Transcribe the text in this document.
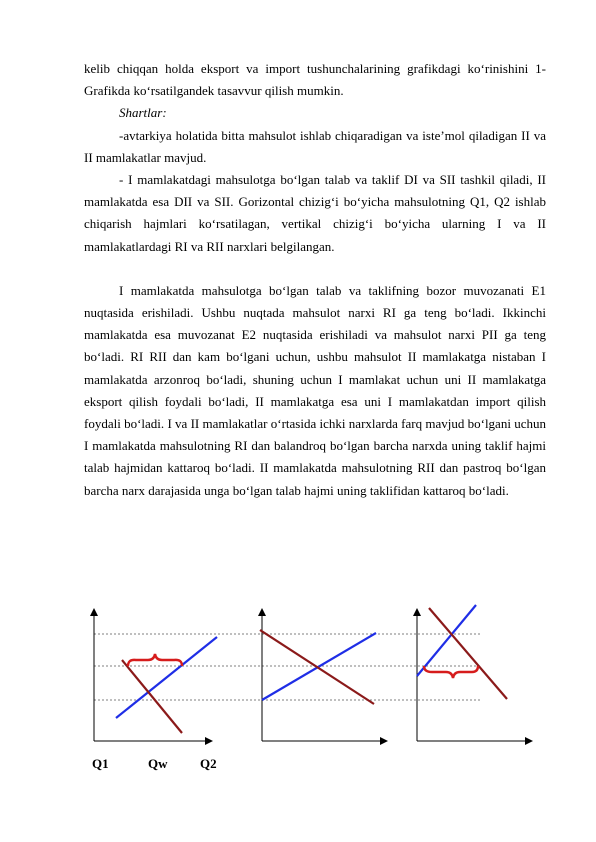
kelib chiqqan holda eksport va import tushunchalarining grafikdagi ko‘rinishini 1-Grafikda ko‘rsatilgandek tasavvur qilish mumkin.

Shartlar:

-avtarkiya holatida bitta mahsulot ishlab chiqaradigan va iste’mol qiladigan II va II mamlakatlar mavjud.

- I mamlakatdagi mahsulotga bo‘lgan talab va taklif DI va SII tashkil qiladi, II mamlakatda esa DII va SII. Gorizontal chizig‘i bo‘yicha mahsulotning Q1, Q2 ishlab chiqarish hajmlari ko‘rsatilagan, vertikal chizig‘i bo‘yicha ularning I va II mamlakatlardagi RI va RII narxlari belgilangan.

I mamlakatda mahsulotga bo‘lgan talab va taklifning bozor muvozanati E1 nuqtasida erishiladi. Ushbu nuqtada mahsulot narxi RI ga teng bo‘ladi. Ikkinchi mamlakatda esa muvozanat E2 nuqtasida erishiladi va mahsulot narxi PII ga teng bo‘ladi. RI RII dan kam bo‘lgani uchun, ushbu mahsulot II mamlakatga nistaban I mamlakatda arzonroq bo‘ladi, shuning uchun I mamlakat uchun uni II mamlakatga eksport qilish foydali bo‘ladi, II mamlakatga esa uni I mamlakatdan import qilish foydali bo‘ladi. I va II mamlakatlar o‘rtasida ichki narxlarda farq mavjud bo‘lgani uchun I mamlakatda mahsulotning RI dan balandroq bo‘lgan barcha narxda uning taklif hajmi talab hajmidan kattaroq bo‘ladi. II mamlakatda mahsulotning RII dan pastroq bo‘lgan barcha narx darajasida unga bo‘lgan talab hajmi uning taklifidan kattaroq bo‘ladi.

Q1	Qw	Q2
